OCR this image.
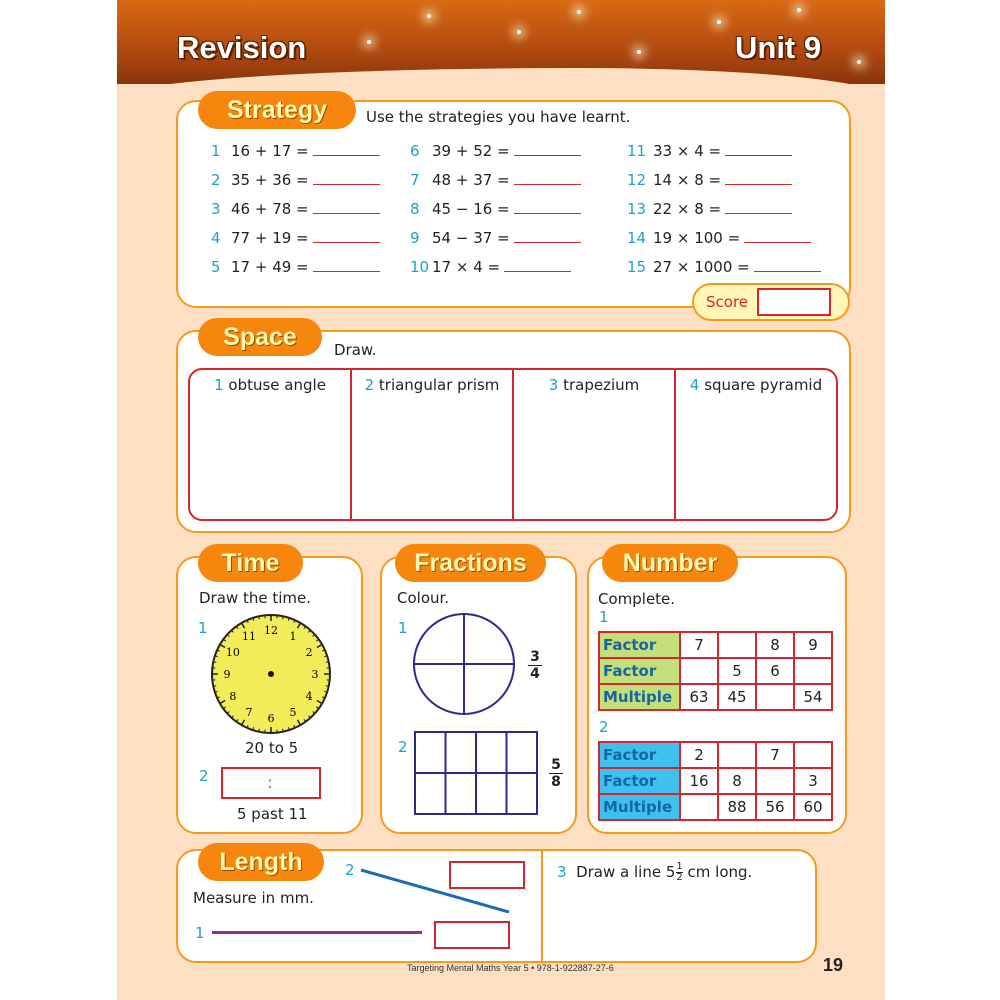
Revision	Unit 9
Strategy	Use the strategies you have learnt.
1 16 + 17 =
2 35 + 36 =
3 46 + 78 =
4 77 + 19 =
5 17 + 49 =
6 39 + 52 =
7 48 + 37 =
8 45 − 16 =
9 54 − 37 =
10 17 × 4 =
11 33 × 4 =
12 14 × 8 =
13 22 × 8 =
14 19 × 100 =
15 27 × 1000 =
Score
Space	Draw.
1 obtuse angle	2 triangular prism	3 trapezium	4 square pyramid
Time
Draw the time.
1	12 1
2
3
4
5
6
7
8
9
10
11
20 to 5
2	:
5 past 11
Fractions
Colour.
1
3
4
2
5
8
Number
Complete.
1
Factor	7		8	9
Factor		5	6	
Multiple	63	45		54
2
Factor	2		7	
Factor	16	8		3
Multiple		88	56	60
Length
Measure in mm.
1
2	3 Draw a line $5 \frac{1}{2}$ cm long.
Targeting Mental Maths Year 5 • 978-1-922887-27-6	19
